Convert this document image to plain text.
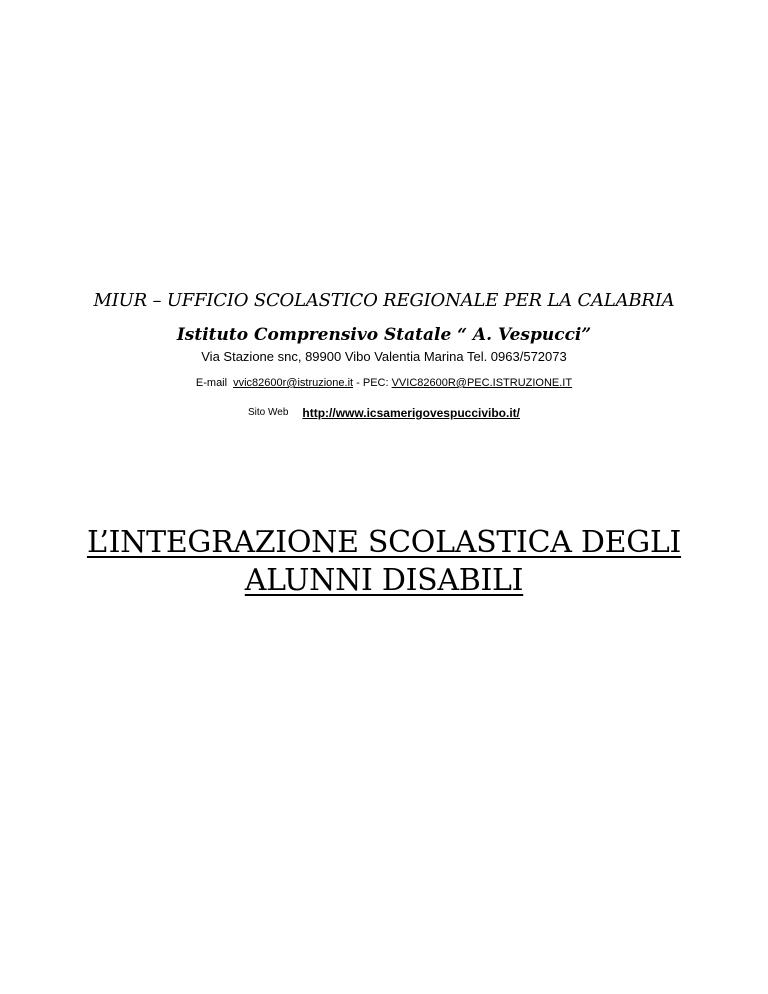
MIUR – UFFICIO SCOLASTICO REGIONALE PER LA CALABRIA
Istituto Comprensivo Statale “ A. Vespucci”
Via Stazione snc, 89900 Vibo Valentia Marina Tel. 0963/572073
E-mail vvic82600r@istruzione.it - PEC: VVIC82600R@PEC.ISTRUZIONE.IT
Sito Web http://www.icsamerigovespuccivibo.it/
L’INTEGRAZIONE SCOLASTICA DEGLI
ALUNNI DISABILI
